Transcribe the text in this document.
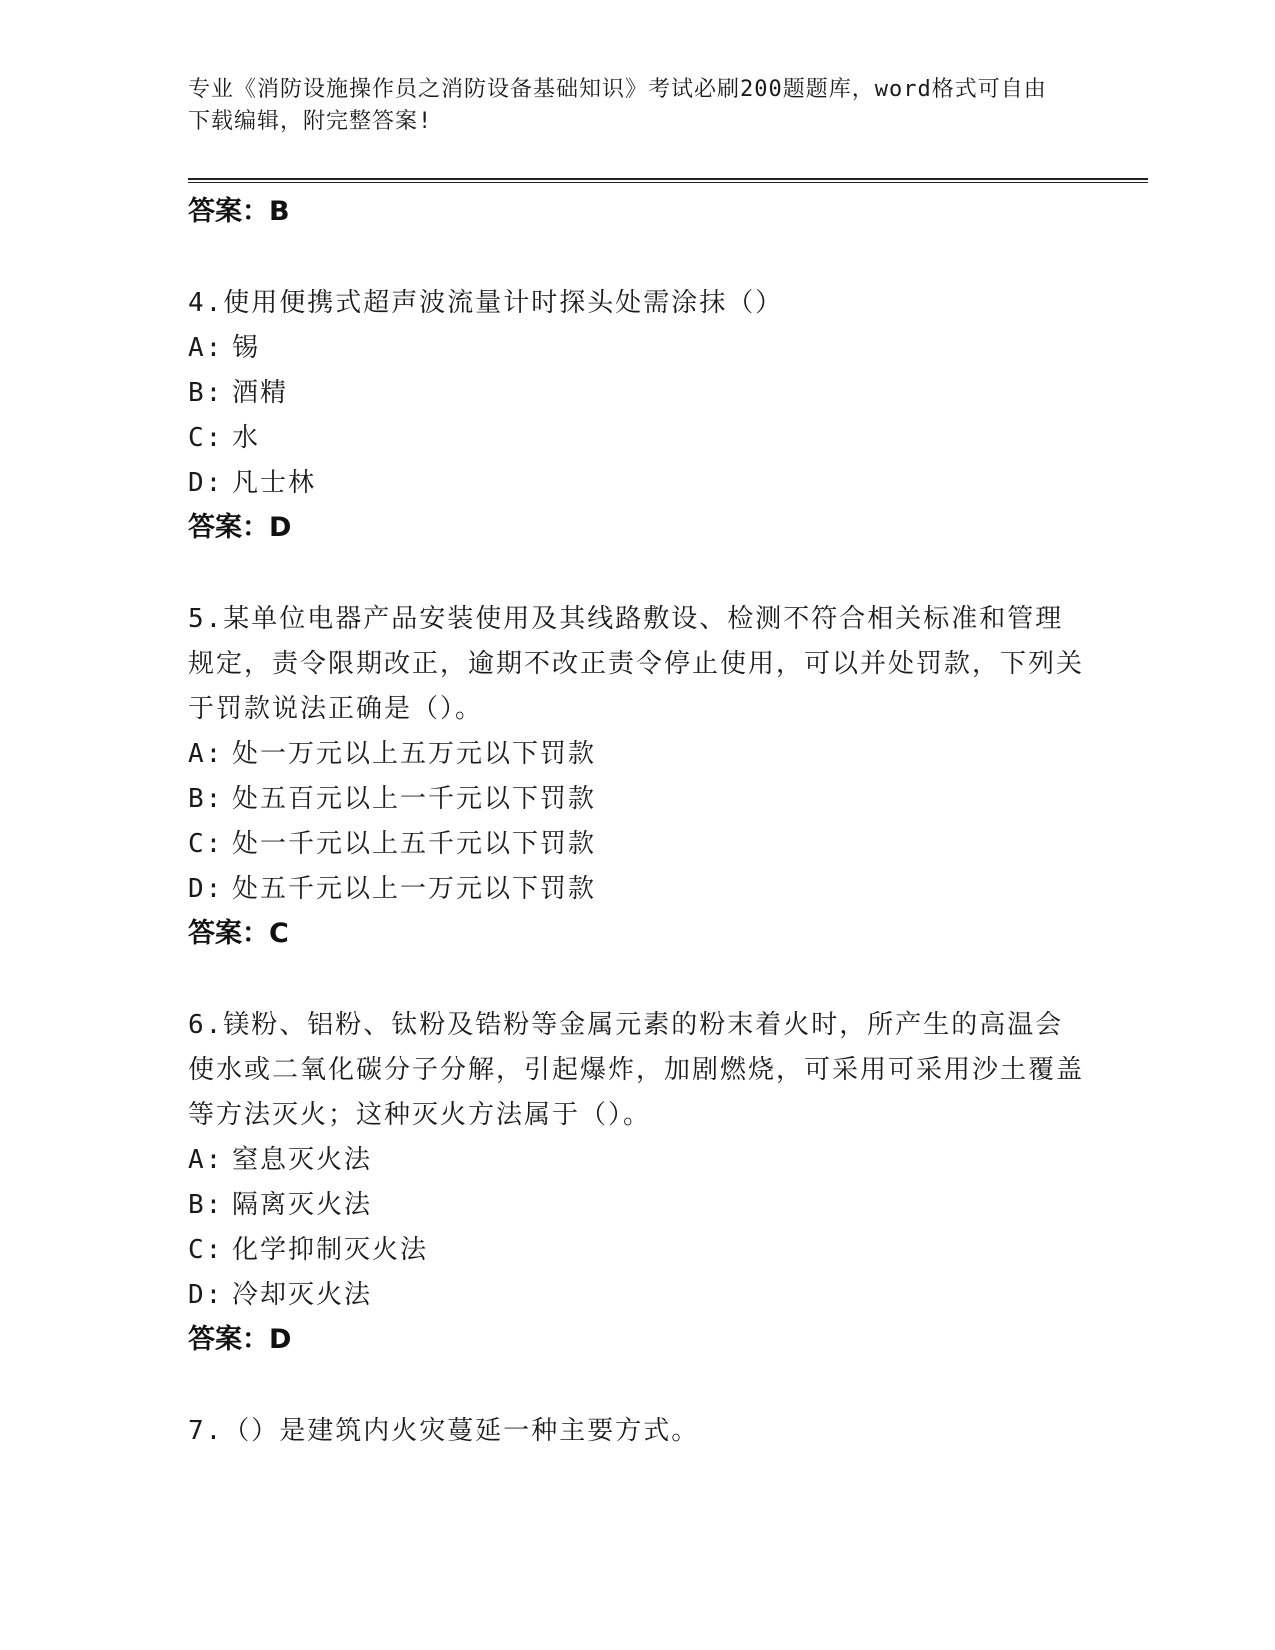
专业《消防设施操作员之消防设备基础知识》考试必刷200题题库，word格式可自由下载编辑，附完整答案!
答案：B
4.使用便携式超声波流量计时探头处需涂抹（）
A: 锡
B: 酒精
C: 水
D: 凡士林
答案：D
5.某单位电器产品安装使用及其线路敷设、检测不符合相关标准和管理规定，责令限期改正，逾期不改正责令停止使用，可以并处罚款，下列关于罚款说法正确是（）。
A: 处一万元以上五万元以下罚款
B: 处五百元以上一千元以下罚款
C: 处一千元以上五千元以下罚款
D: 处五千元以上一万元以下罚款
答案：C
6.镁粉、铝粉、钛粉及锆粉等金属元素的粉末着火时，所产生的高温会使水或二氧化碳分子分解，引起爆炸，加剧燃烧，可采用可采用沙土覆盖等方法灭火；这种灭火方法属于（）。
A: 窒息灭火法
B: 隔离灭火法
C: 化学抑制灭火法
D: 冷却灭火法
答案：D
7.（）是建筑内火灾蔓延一种主要方式。
